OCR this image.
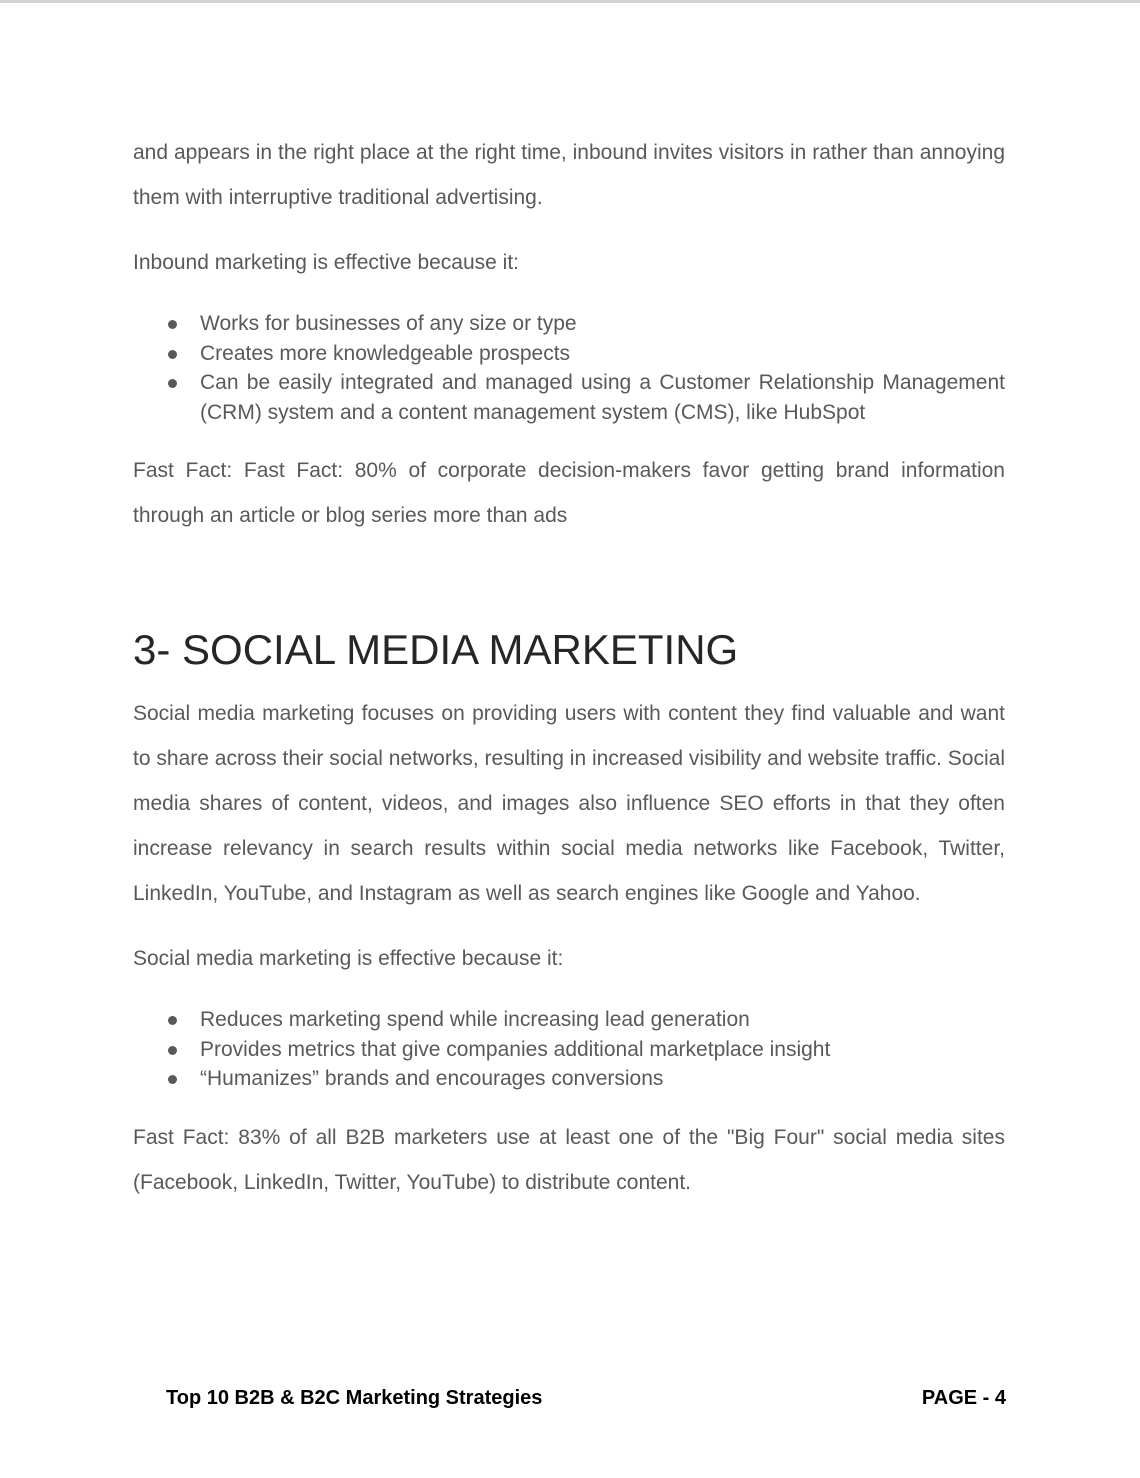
and appears in the right place at the right time, inbound invites visitors in rather than annoying them with interruptive traditional advertising.

Inbound marketing is effective because it:

Works for businesses of any size or type
Creates more knowledgeable prospects
Can be easily integrated and managed using a Customer Relationship Management (CRM) system and a content management system (CMS), like HubSpot

Fast Fact: Fast Fact: 80% of corporate decision-makers favor getting brand information through an article or blog series more than ads

3- SOCIAL MEDIA MARKETING

Social media marketing focuses on providing users with content they find valuable and want to share across their social networks, resulting in increased visibility and website traffic. Social media shares of content, videos, and images also influence SEO efforts in that they often increase relevancy in search results within social media networks like Facebook, Twitter, LinkedIn, YouTube, and Instagram as well as search engines like Google and Yahoo.

Social media marketing is effective because it:

Reduces marketing spend while increasing lead generation
Provides metrics that give companies additional marketplace insight
“Humanizes” brands and encourages conversions

Fast Fact: 83% of all B2B marketers use at least one of the "Big Four" social media sites (Facebook, LinkedIn, Twitter, YouTube) to distribute content.

Top 10 B2B & B2C Marketing Strategies	PAGE - 4
